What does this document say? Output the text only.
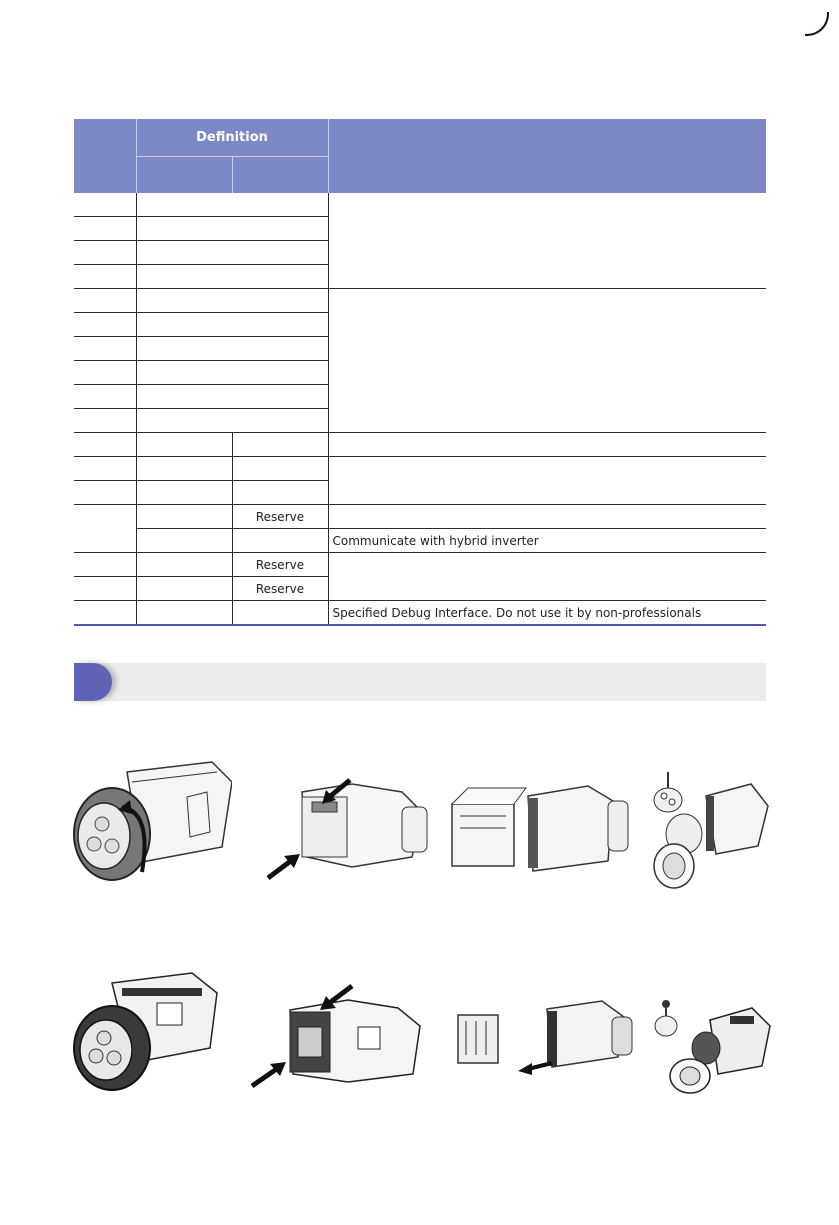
	Definition		

		Reserve	
			Communicate with hybrid inverter
		Reserve	
		Reserve	
			Specified Debug Interface. Do not use it by non-professionals
